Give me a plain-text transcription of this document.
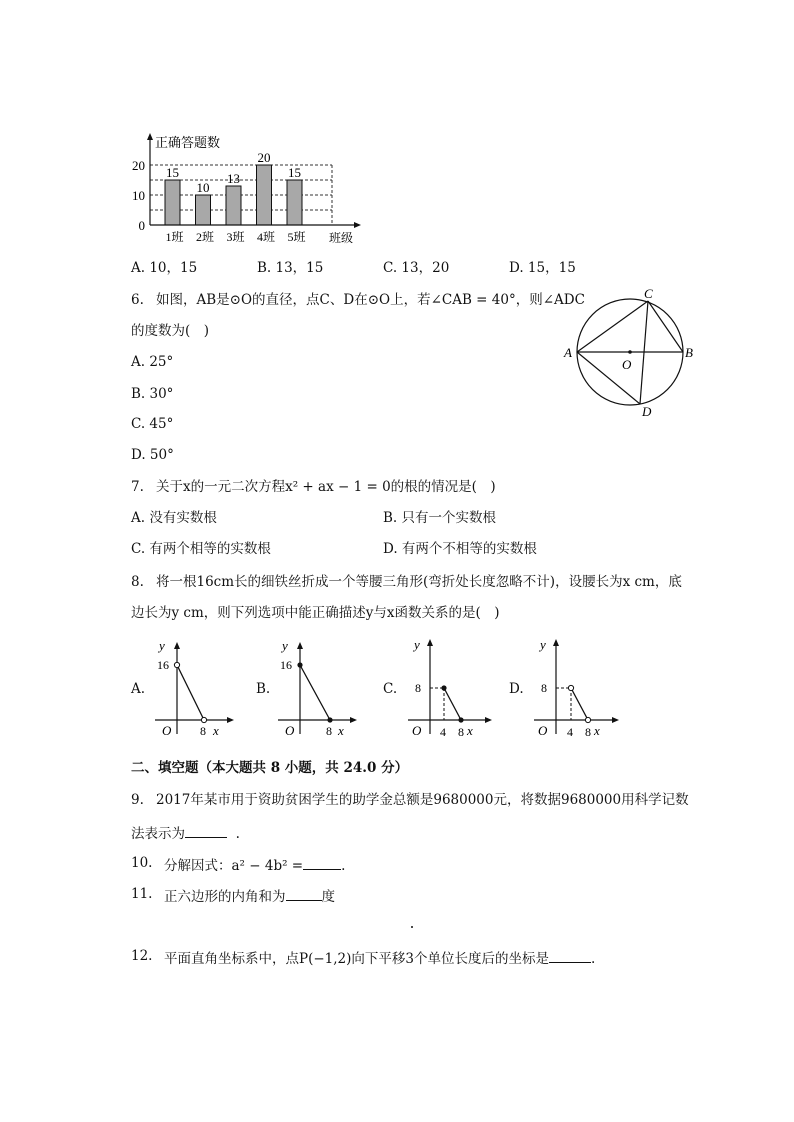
15
1班
10
2班
13
3班
20
4班
15
5班
0
10
20
正确答题数
班级
A. 10，15	B. 13，15	C. 13，20	D. 15，15
6. 如图，AB是⊙O的直径，点C、D在⊙O上，若∠CAB = 40°，则∠ADC
的度数为(　)
A. 25°
B. 30°
C. 45°
D. 50°
A	B
C
D
O
7. 关于x的一元二次方程x² + ax − 1 = 0的根的情况是(　)
A. 没有实数根	B. 只有一个实数根
C. 有两个相等的实数根	D. 有两个不相等的实数根
8. 将一根16cm长的细铁丝折成一个等腰三角形(弯折处长度忽略不计)，设腰长为x cm，底
边长为y cm，则下列选项中能正确描述y与x函数关系的是(　)
A.
y
x
O
16
8
B.
y
x
O
16
8
C.
y
x
O
8
4 8
D.
y
x
O
8
4 8
二、填空题（本大题共 8 小题，共 24.0 分）
9. 2017年某市用于资助贫困学生的助学金总额是9680000元，将数据9680000用科学记数
法表示为	.
10. 分解因式：a² − 4b² =	.
11. 正六边形的内角和为	度
12. 平面直角坐标系中，点P(−1,2)向下平移3个单位长度后的坐标是	.
